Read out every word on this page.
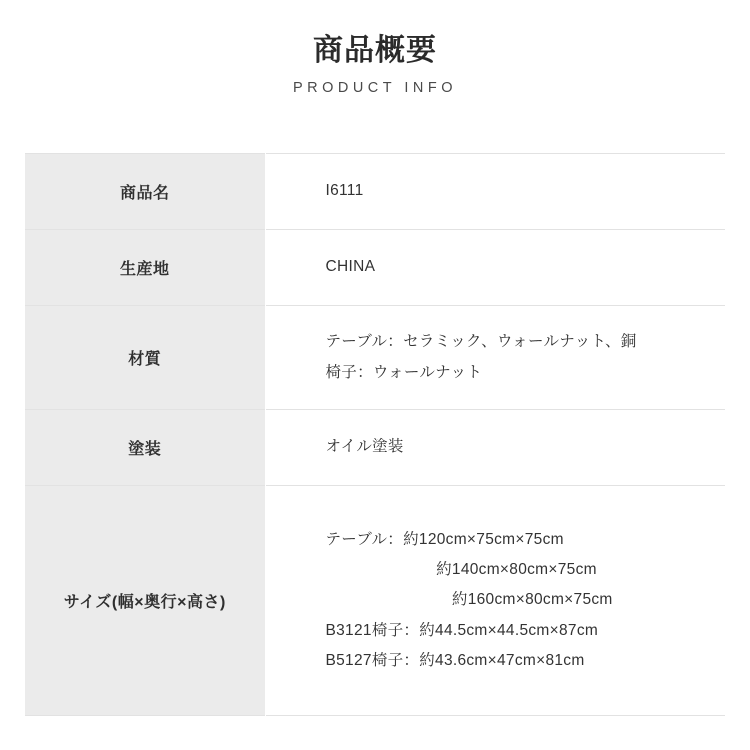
商品概要
PRODUCT INFO
商品名	I6111

生産地	CHINA

材質	テーブル：セラミック、ウォールナット、銅
椅子：ウォールナット

塗装	オイル塗装

サイズ(幅×奥行×高さ)	テーブル：約120cm×75cm×75cm
　　　　　　　約140cm×80cm×75cm
　　　　　　　　約160cm×80cm×75cm
B3121椅子：約44.5cm×44.5cm×87cm
B5127椅子：約43.6cm×47cm×81cm
